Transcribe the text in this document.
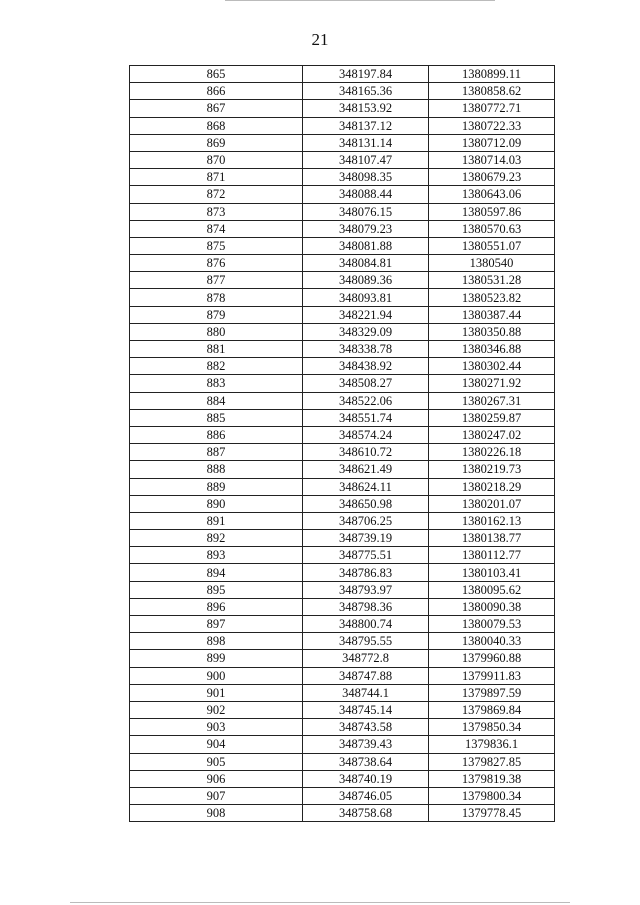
21
865	348197.84	1380899.11
866	348165.36	1380858.62
867	348153.92	1380772.71
868	348137.12	1380722.33
869	348131.14	1380712.09
870	348107.47	1380714.03
871	348098.35	1380679.23
872	348088.44	1380643.06
873	348076.15	1380597.86
874	348079.23	1380570.63
875	348081.88	1380551.07
876	348084.81	1380540
877	348089.36	1380531.28
878	348093.81	1380523.82
879	348221.94	1380387.44
880	348329.09	1380350.88
881	348338.78	1380346.88
882	348438.92	1380302.44
883	348508.27	1380271.92
884	348522.06	1380267.31
885	348551.74	1380259.87
886	348574.24	1380247.02
887	348610.72	1380226.18
888	348621.49	1380219.73
889	348624.11	1380218.29
890	348650.98	1380201.07
891	348706.25	1380162.13
892	348739.19	1380138.77
893	348775.51	1380112.77
894	348786.83	1380103.41
895	348793.97	1380095.62
896	348798.36	1380090.38
897	348800.74	1380079.53
898	348795.55	1380040.33
899	348772.8	1379960.88
900	348747.88	1379911.83
901	348744.1	1379897.59
902	348745.14	1379869.84
903	348743.58	1379850.34
904	348739.43	1379836.1
905	348738.64	1379827.85
906	348740.19	1379819.38
907	348746.05	1379800.34
908	348758.68	1379778.45
